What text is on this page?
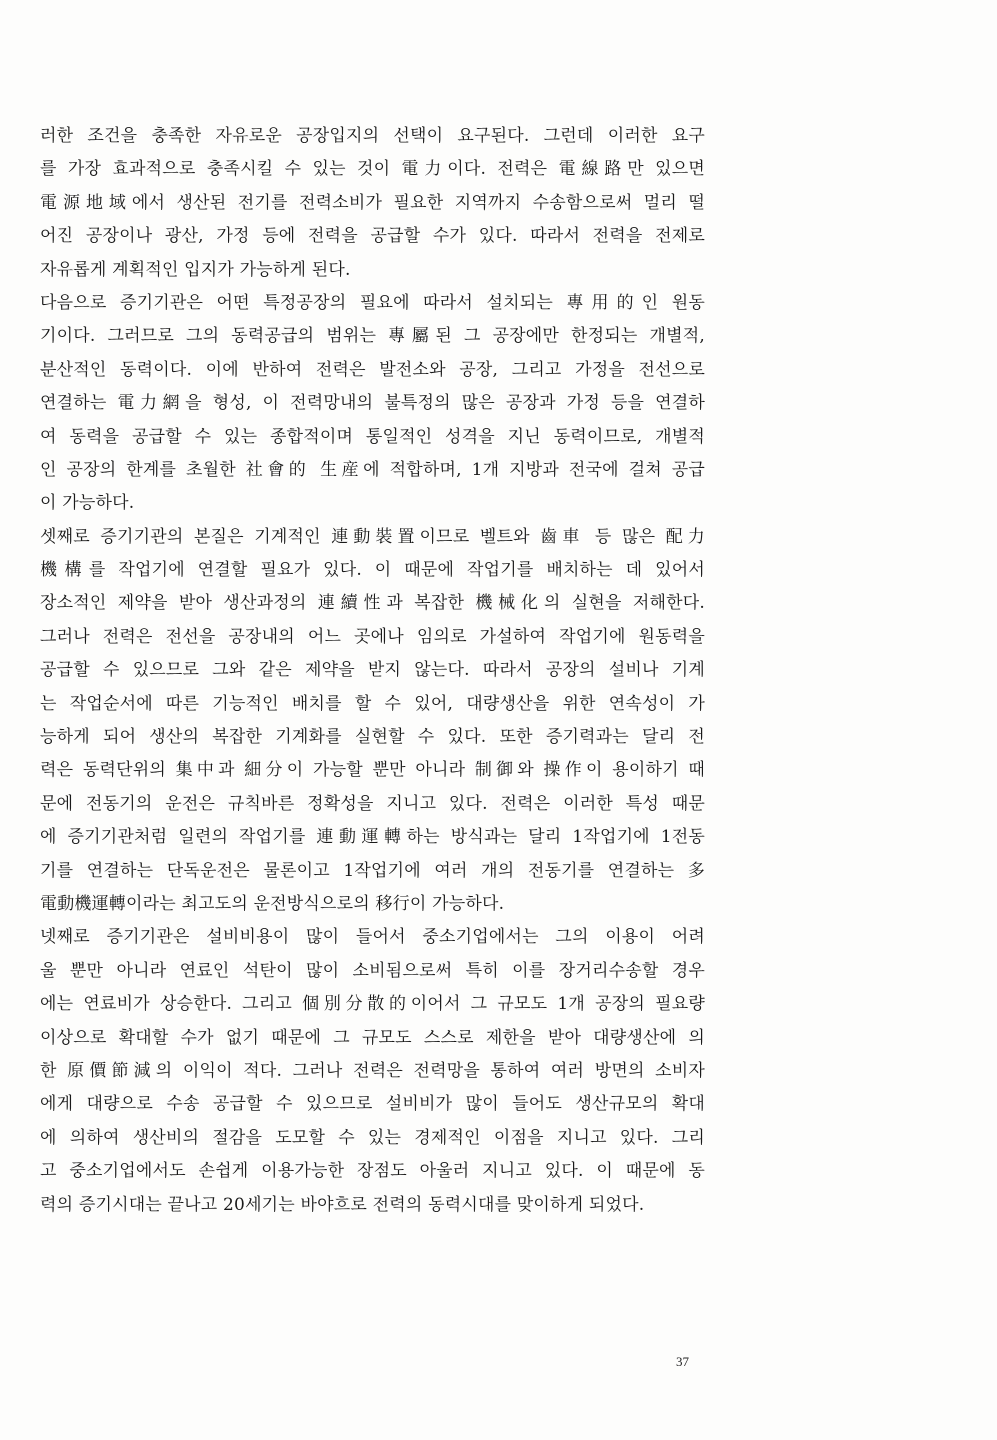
러한 조건을 충족한 자유로운 공장입지의 선택이 요구된다. 그런데 이러한 요구
를 가장 효과적으로 충족시킬 수 있는 것이 電力이다. 전력은 電線路만 있으면
電源地域에서 생산된 전기를 전력소비가 필요한 지역까지 수송함으로써 멀리 떨
어진 공장이나 광산, 가정 등에 전력을 공급할 수가 있다. 따라서 전력을 전제로
자유롭게 계획적인 입지가 가능하게 된다.
다음으로 증기기관은 어떤 특정공장의 필요에 따라서 설치되는 專用的인 원동
기이다. 그러므로 그의 동력공급의 범위는 專屬된 그 공장에만 한정되는 개별적,
분산적인 동력이다. 이에 반하여 전력은 발전소와 공장, 그리고 가정을 전선으로
연결하는 電力網을 형성, 이 전력망내의 불특정의 많은 공장과 가정 등을 연결하
여 동력을 공급할 수 있는 종합적이며 통일적인 성격을 지닌 동력이므로, 개별적
인 공장의 한계를 초월한 社會的 生産에 적합하며, 1개 지방과 전국에 걸쳐 공급
이 가능하다.
셋째로 증기기관의 본질은 기계적인 連動裝置이므로 벨트와 齒車 등 많은 配力
機構를 작업기에 연결할 필요가 있다. 이 때문에 작업기를 배치하는 데 있어서
장소적인 제약을 받아 생산과정의 連續性과 복잡한 機械化의 실현을 저해한다.
그러나 전력은 전선을 공장내의 어느 곳에나 임의로 가설하여 작업기에 원동력을
공급할 수 있으므로 그와 같은 제약을 받지 않는다. 따라서 공장의 설비나 기계
는 작업순서에 따른 기능적인 배치를 할 수 있어, 대량생산을 위한 연속성이 가
능하게 되어 생산의 복잡한 기계화를 실현할 수 있다. 또한 증기력과는 달리 전
력은 동력단위의 集中과 細分이 가능할 뿐만 아니라 制御와 操作이 용이하기 때
문에 전동기의 운전은 규칙바른 정확성을 지니고 있다. 전력은 이러한 특성 때문
에 증기기관처럼 일련의 작업기를 連動運轉하는 방식과는 달리 1작업기에 1전동
기를 연결하는 단독운전은 물론이고 1작업기에 여러 개의 전동기를 연결하는 多
電動機運轉이라는 최고도의 운전방식으로의 移行이 가능하다.
넷째로 증기기관은 설비비용이 많이 들어서 중소기업에서는 그의 이용이 어려
울 뿐만 아니라 연료인 석탄이 많이 소비됨으로써 특히 이를 장거리수송할 경우
에는 연료비가 상승한다. 그리고 個別分散的이어서 그 규모도 1개 공장의 필요량
이상으로 확대할 수가 없기 때문에 그 규모도 스스로 제한을 받아 대량생산에 의
한 原價節減의 이익이 적다. 그러나 전력은 전력망을 통하여 여러 방면의 소비자
에게 대량으로 수송 공급할 수 있으므로 설비비가 많이 들어도 생산규모의 확대
에 의하여 생산비의 절감을 도모할 수 있는 경제적인 이점을 지니고 있다. 그리
고 중소기업에서도 손쉽게 이용가능한 장점도 아울러 지니고 있다. 이 때문에 동
력의 증기시대는 끝나고 20세기는 바야흐로 전력의 동력시대를 맞이하게 되었다.
37
